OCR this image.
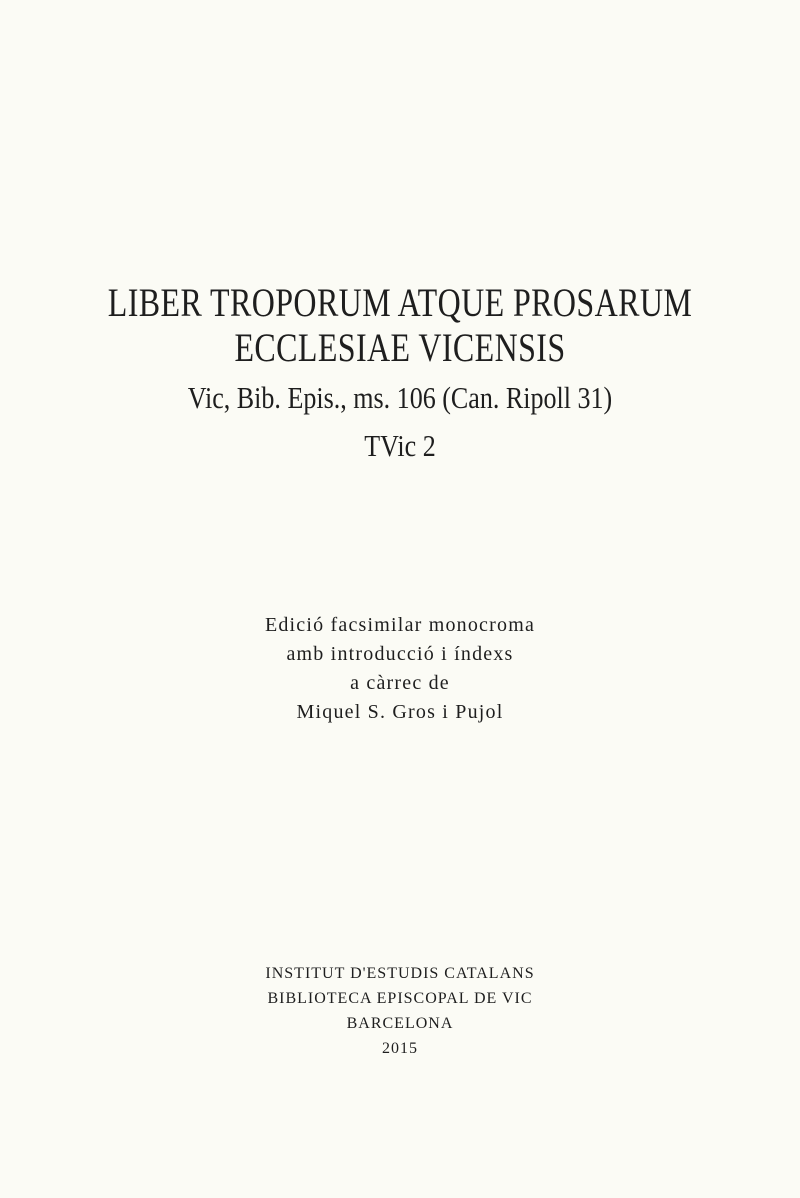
LIBER TROPORUM ATQUE PROSARUM
ECCLESIAE VICENSIS
Vic, Bib. Epis., ms. 106 (Can. Ripoll 31)
TVic 2
Edició facsimilar monocroma
amb introducció i índexs
a càrrec de
Miquel S. Gros i Pujol
INSTITUT D'ESTUDIS CATALANS
BIBLIOTECA EPISCOPAL DE VIC
BARCELONA
2015
